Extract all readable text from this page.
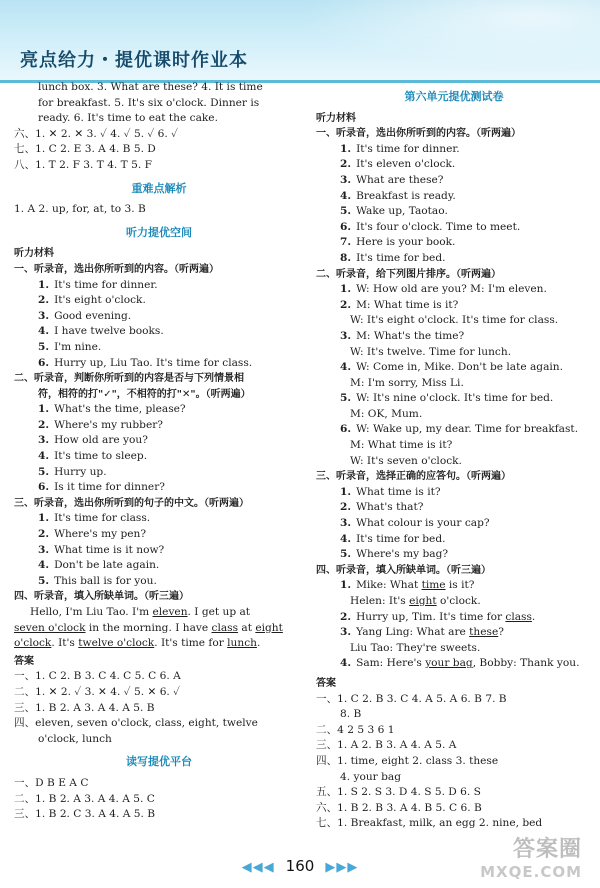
亮点给力・提优课时作业本
lunch box. 3. What are these? 4. It is time
for breakfast. 5. It's six o'clock. Dinner is
ready. 6. It's time to eat the cake.
六、1. ✕ 2. ✕ 3. ✓ 4. ✓ 5. ✓ 6. ✓
七、1. C 2. E 3. A 4. B 5. D
八、1. T 2. F 3. T 4. T 5. F
重难点解析
1. A 2. up, for, at, to 3. B
听力提优空间
听力材料
一、听录音，选出你所听到的内容。（听两遍）
1. It's time for dinner.
2. It's eight o'clock.
3. Good evening.
4. I have twelve books.
5. I'm nine.
6. Hurry up, Liu Tao. It's time for class.
二、听录音，判断你所听到的内容是否与下列情景相
符，相符的打"✓"，不相符的打"✕"。（听两遍）
1. What's the time, please?
2. Where's my rubber?
3. How old are you?
4. It's time to sleep.
5. Hurry up.
6. Is it time for dinner?
三、听录音，选出你所听到的句子的中文。（听两遍）
1. It's time for class.
2. Where's my pen?
3. What time is it now?
4. Don't be late again.
5. This ball is for you.
四、听录音，填入所缺单词。（听三遍）
Hello, I'm Liu Tao. I'm eleven. I get up at
seven o'clock in the morning. I have class at eight
o'clock. It's twelve o'clock. It's time for lunch.
答案
一、1. C 2. B 3. C 4. C 5. C 6. A
二、1. ✕ 2. ✓ 3. ✕ 4. ✓ 5. ✕ 6. ✓
三、1. B 2. A 3. A 4. A 5. B
四、eleven, seven o'clock, class, eight, twelve
o'clock, lunch
读写提优平台
一、D B E A C
二、1. B 2. A 3. A 4. A 5. C
三、1. B 2. C 3. A 4. A 5. B
第六单元提优测试卷
听力材料
一、听录音，选出你所听到的内容。（听两遍）
1. It's time for dinner.
2. It's eleven o'clock.
3. What are these?
4. Breakfast is ready.
5. Wake up, Taotao.
6. It's four o'clock. Time to meet.
7. Here is your book.
8. It's time for bed.
二、听录音，给下列图片排序。（听两遍）
1. W: How old are you? M: I'm eleven.
2. M: What time is it?
W: It's eight o'clock. It's time for class.
3. M: What's the time?
W: It's twelve. Time for lunch.
4. W: Come in, Mike. Don't be late again.
M: I'm sorry, Miss Li.
5. W: It's nine o'clock. It's time for bed.
M: OK, Mum.
6. W: Wake up, my dear. Time for breakfast.
M: What time is it?
W: It's seven o'clock.
三、听录音，选择正确的应答句。（听两遍）
1. What time is it?
2. What's that?
3. What colour is your cap?
4. It's time for bed.
5. Where's my bag?
四、听录音，填入所缺单词。（听三遍）
1. Mike: What time is it?
Helen: It's eight o'clock.
2. Hurry up, Tim. It's time for class.
3. Yang Ling: What are these?
Liu Tao: They're sweets.
4. Sam: Here's your bag, Bobby: Thank you.
答案
一、1. C 2. B 3. C 4. A 5. A 6. B 7. B
8. B
二、4 2 5 3 6 1
三、1. A 2. B 3. A 4. A 5. A
四、1. time, eight 2. class 3. these
4. your bag
五、1. S 2. S 3. D 4. S 5. D 6. S
六、1. B 2. B 3. A 4. B 5. C 6. B
七、1. Breakfast, milk, an egg 2. nine, bed
◀◀◀ 160 ▶▶▶
答案圈
MXQE.COM
